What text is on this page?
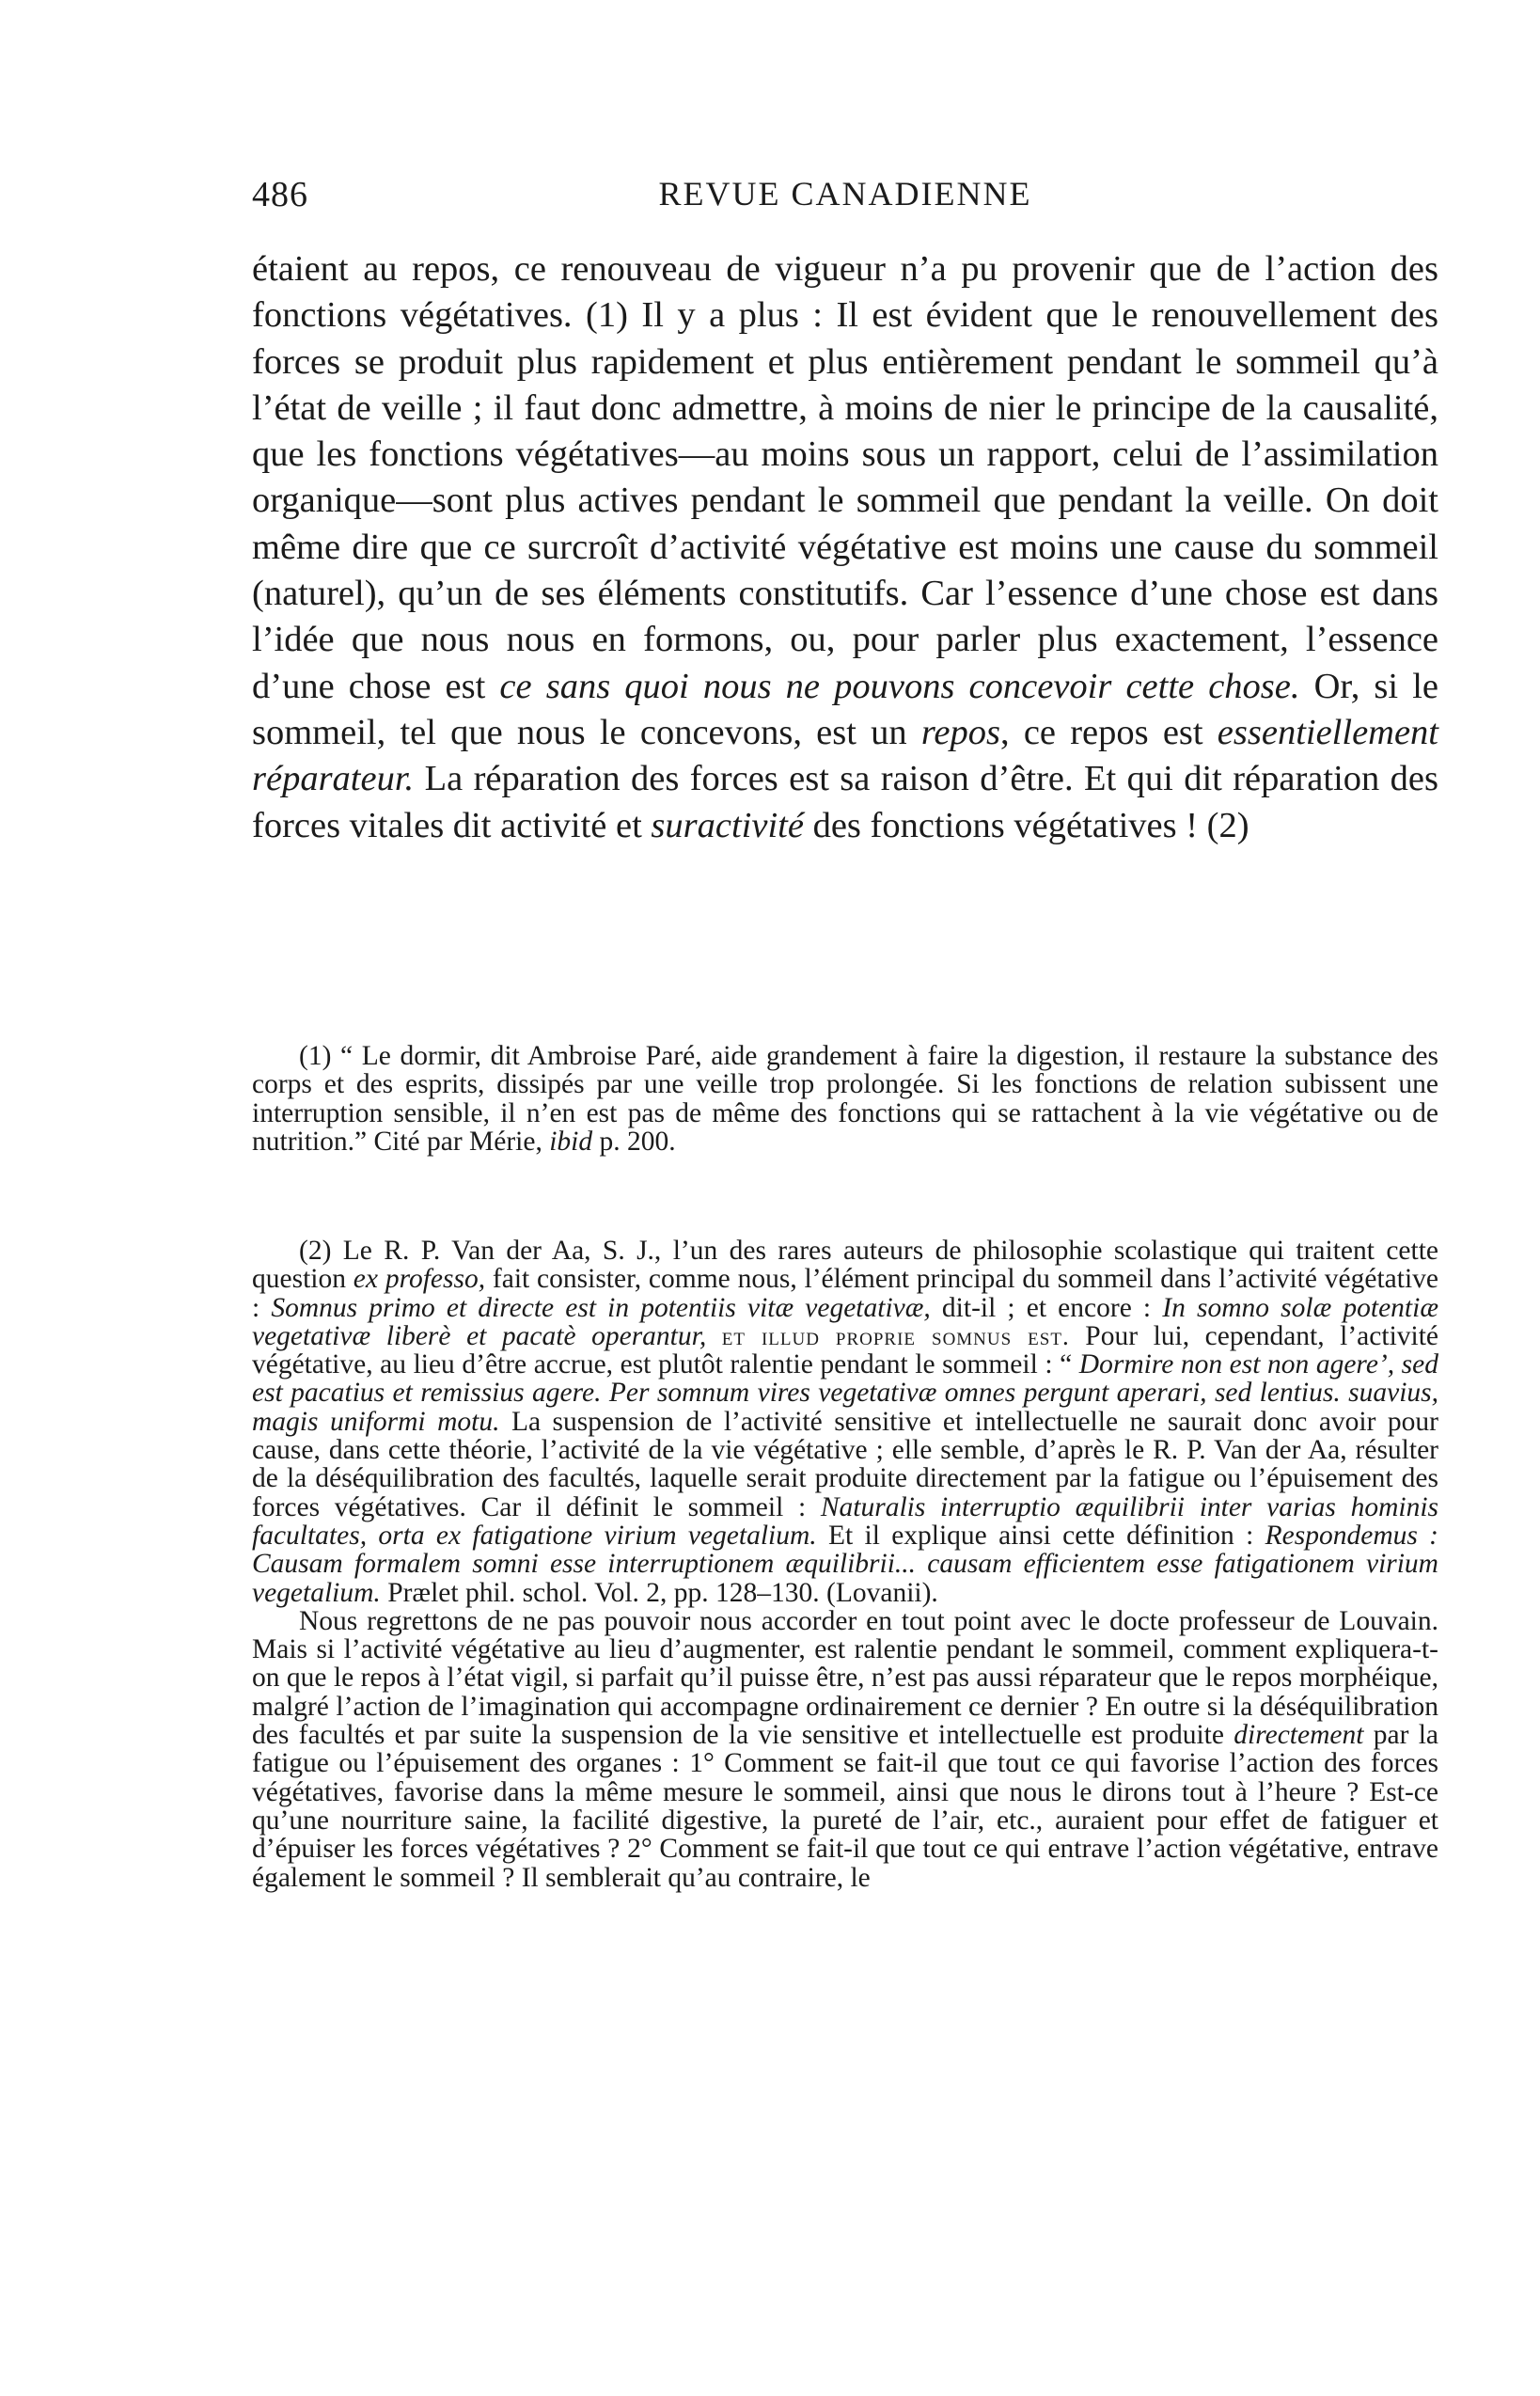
486	REVUE CANADIENNE

étaient au repos, ce renouveau de vigueur n’a pu provenir que de l’action des fonctions végétatives. (1) Il y a plus : Il est évident que le renouvellement des forces se produit plus rapidement et plus entièrement pendant le sommeil qu’à l’état de veille ; il faut donc admettre, à moins de nier le principe de la causalité, que les fonctions végétatives—au moins sous un rapport, celui de l’assimilation organique—sont plus actives pendant le sommeil que pendant la veille. On doit même dire que ce surcroît d’activité végétative est moins une cause du sommeil (naturel), qu’un de ses éléments constitutifs. Car l’essence d’une chose est dans l’idée que nous nous en formons, ou, pour parler plus exactement, l’essence d’une chose est ce sans quoi nous ne pouvons concevoir cette chose. Or, si le sommeil, tel que nous le concevons, est un repos, ce repos est essentiellement réparateur. La réparation des forces est sa raison d’être. Et qui dit réparation des forces vitales dit activité et suractivité des fonctions végétatives ! (2)

(1) “ Le dormir, dit Ambroise Paré, aide grandement à faire la digestion, il restaure la substance des corps et des esprits, dissipés par une veille trop prolongée. Si les fonctions de relation subissent une interruption sensible, il n’en est pas de même des fonctions qui se rattachent à la vie végétative ou de nutrition.” Cité par Mérie, ibid p. 200.

(2) Le R. P. Van der Aa, S. J., l’un des rares auteurs de philosophie scolastique qui traitent cette question ex professo, fait consister, comme nous, l’élément principal du sommeil dans l’activité végétative : Somnus primo et directe est in potentiis vitæ vegetativæ, dit-il ; et encore : In somno solæ potentiæ vegetativæ liberè et pacatè operantur, et illud proprie somnus est. Pour lui, cependant, l’activité végétative, au lieu d’être accrue, est plutôt ralentie pendant le sommeil : “ Dormire non est non agere’, sed est pacatius et remissius agere. Per somnum vires vegetativæ omnes pergunt aperari, sed lentius. suavius, magis uniformi motu. La suspension de l’activité sensitive et intellectuelle ne saurait donc avoir pour cause, dans cette théorie, l’activité de la vie végétative ; elle semble, d’après le R. P. Van der Aa, résulter de la déséquilibration des facultés, laquelle serait produite directement par la fatigue ou l’épuisement des forces végétatives. Car il définit le sommeil : Naturalis interruptio æquilibrii inter varias hominis facultates, orta ex fatigatione virium vegetalium. Et il explique ainsi cette définition : Respondemus : Causam formalem somni esse interruptionem æquilibrii... causam efficientem esse fatigationem virium vegetalium. Prælet phil. schol. Vol. 2, pp. 128–130. (Lovanii).

Nous regrettons de ne pas pouvoir nous accorder en tout point avec le docte professeur de Louvain. Mais si l’activité végétative au lieu d’augmenter, est ralentie pendant le sommeil, comment expliquera-t-on que le repos à l’état vigil, si parfait qu’il puisse être, n’est pas aussi réparateur que le repos morphéique, malgré l’action de l’imagination qui accompagne ordinairement ce dernier ? En outre si la déséquilibration des facultés et par suite la suspension de la vie sensitive et intellectuelle est produite directement par la fatigue ou l’épuisement des organes : 1° Comment se fait-il que tout ce qui favorise l’action des forces végétatives, favorise dans la même mesure le sommeil, ainsi que nous le dirons tout à l’heure ? Est-ce qu’une nourriture saine, la facilité digestive, la pureté de l’air, etc., auraient pour effet de fatiguer et d’épuiser les forces végétatives ? 2° Comment se fait-il que tout ce qui entrave l’action végétative, entrave également le sommeil ? Il semblerait qu’au contraire, le
